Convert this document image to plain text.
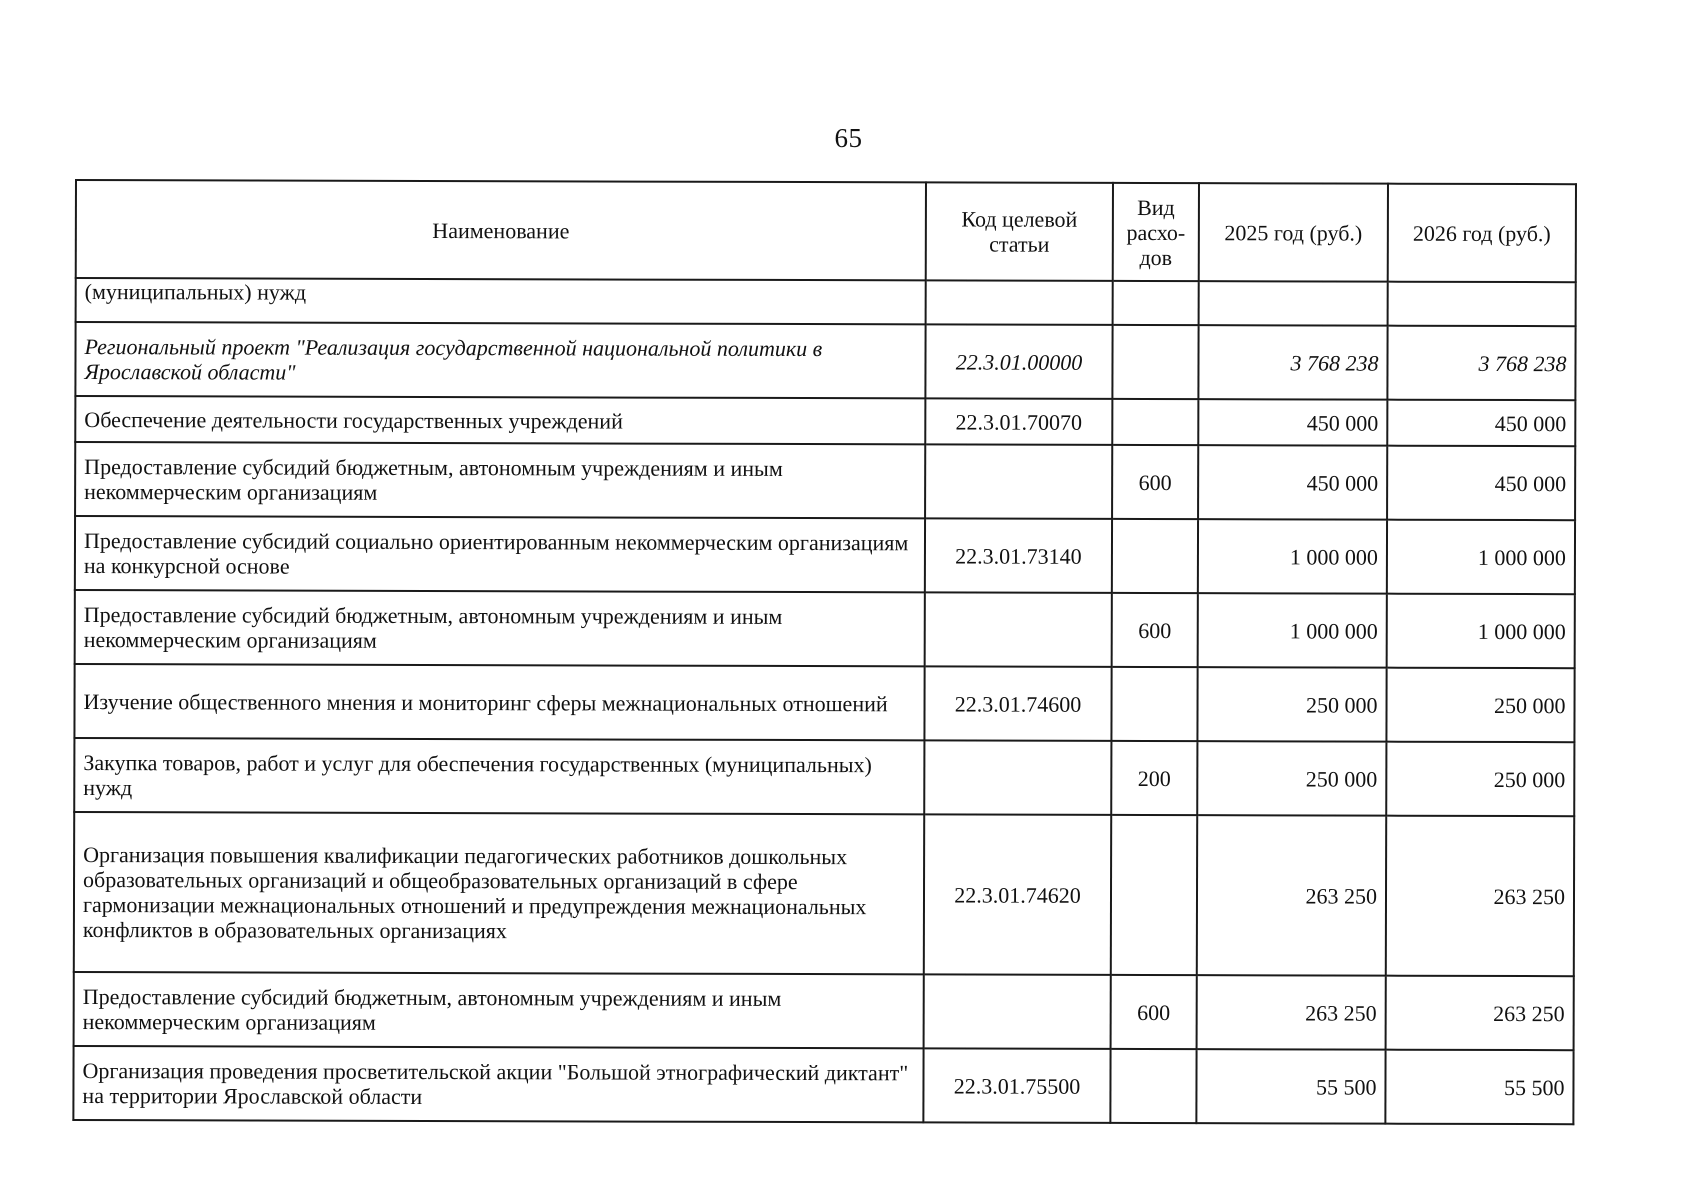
65
Наименование	Код целевой статьи	Вид расхо-дов	2025 год (руб.)	2026 год (руб.)
(муниципальных) нужд				
Региональный проект "Реализация государственной национальной политики в Ярославской области"	22.3.01.00000		3 768 238	3 768 238
Обеспечение деятельности государственных учреждений	22.3.01.70070		450 000	450 000
Предоставление субсидий бюджетным, автономным учреждениям и иным некоммерческим организациям		600	450 000	450 000
Предоставление субсидий социально ориентированным некоммерческим организациям на конкурсной основе	22.3.01.73140		1 000 000	1 000 000
Предоставление субсидий бюджетным, автономным учреждениям и иным некоммерческим организациям		600	1 000 000	1 000 000
Изучение общественного мнения и мониторинг сферы межнациональных отношений	22.3.01.74600		250 000	250 000
Закупка товаров, работ и услуг для обеспечения государственных (муниципальных) нужд		200	250 000	250 000
Организация повышения квалификации педагогических работников дошкольных образовательных организаций и общеобразовательных организаций в сфере гармонизации межнациональных отношений и предупреждения межнациональных конфликтов в образовательных организациях	22.3.01.74620		263 250	263 250
Предоставление субсидий бюджетным, автономным учреждениям и иным некоммерческим организациям		600	263 250	263 250
Организация проведения просветительской акции "Большой этнографический диктант" на территории Ярославской области	22.3.01.75500		55 500	55 500
